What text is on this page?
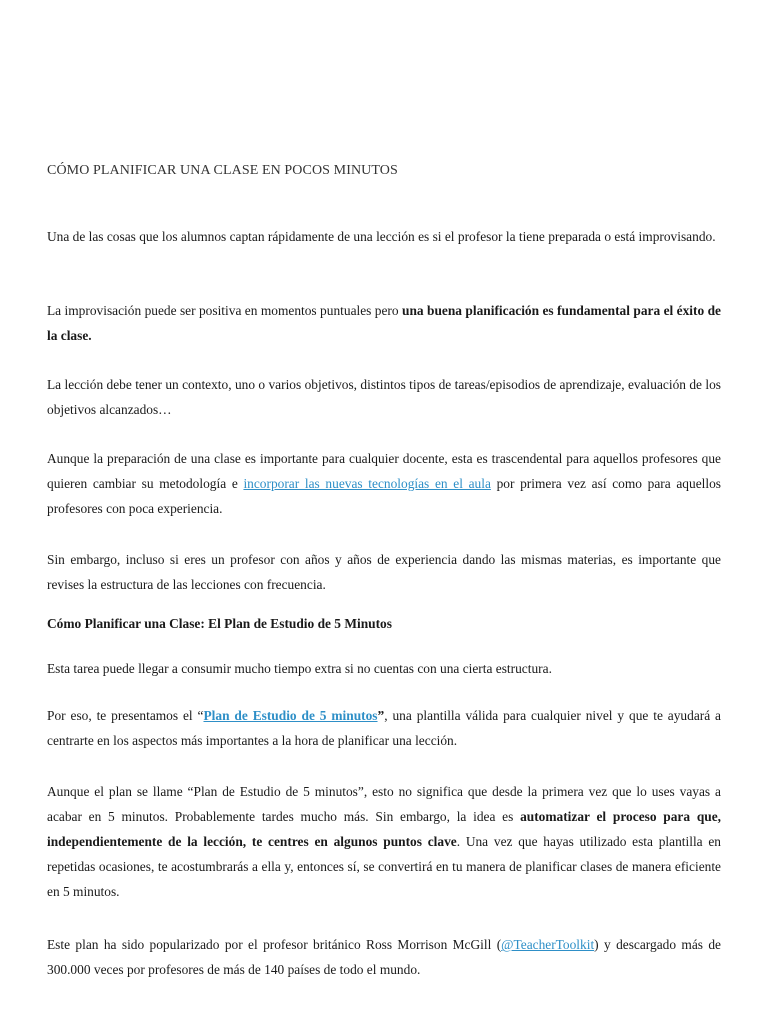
CÓMO PLANIFICAR UNA CLASE EN POCOS MINUTOS

Una de las cosas que los alumnos captan rápidamente de una lección es si el profesor la tiene preparada o está improvisando.

La improvisación puede ser positiva en momentos puntuales pero una buena planificación es fundamental para el éxito de la clase.

La lección debe tener un contexto, uno o varios objetivos, distintos tipos de tareas/episodios de aprendizaje, evaluación de los objetivos alcanzados…

Aunque la preparación de una clase es importante para cualquier docente, esta es trascendental para aquellos profesores que quieren cambiar su metodología e incorporar las nuevas tecnologías en el aula por primera vez así como para aquellos profesores con poca experiencia.

Sin embargo, incluso si eres un profesor con años y años de experiencia dando las mismas materias, es importante que revises la estructura de las lecciones con frecuencia.

Cómo Planificar una Clase: El Plan de Estudio de 5 Minutos

Esta tarea puede llegar a consumir mucho tiempo extra si no cuentas con una cierta estructura.

Por eso, te presentamos el “Plan de Estudio de 5 minutos”, una plantilla válida para cualquier nivel y que te ayudará a centrarte en los aspectos más importantes a la hora de planificar una lección.

Aunque el plan se llame “Plan de Estudio de 5 minutos”, esto no significa que desde la primera vez que lo uses vayas a acabar en 5 minutos. Probablemente tardes mucho más. Sin embargo, la idea es automatizar el proceso para que, independientemente de la lección, te centres en algunos puntos clave. Una vez que hayas utilizado esta plantilla en repetidas ocasiones, te acostumbrarás a ella y, entonces sí, se convertirá en tu manera de planificar clases de manera eficiente en 5 minutos.

Este plan ha sido popularizado por el profesor británico Ross Morrison McGill (@TeacherToolkit) y descargado más de 300.000 veces por profesores de más de 140 países de todo el mundo.
